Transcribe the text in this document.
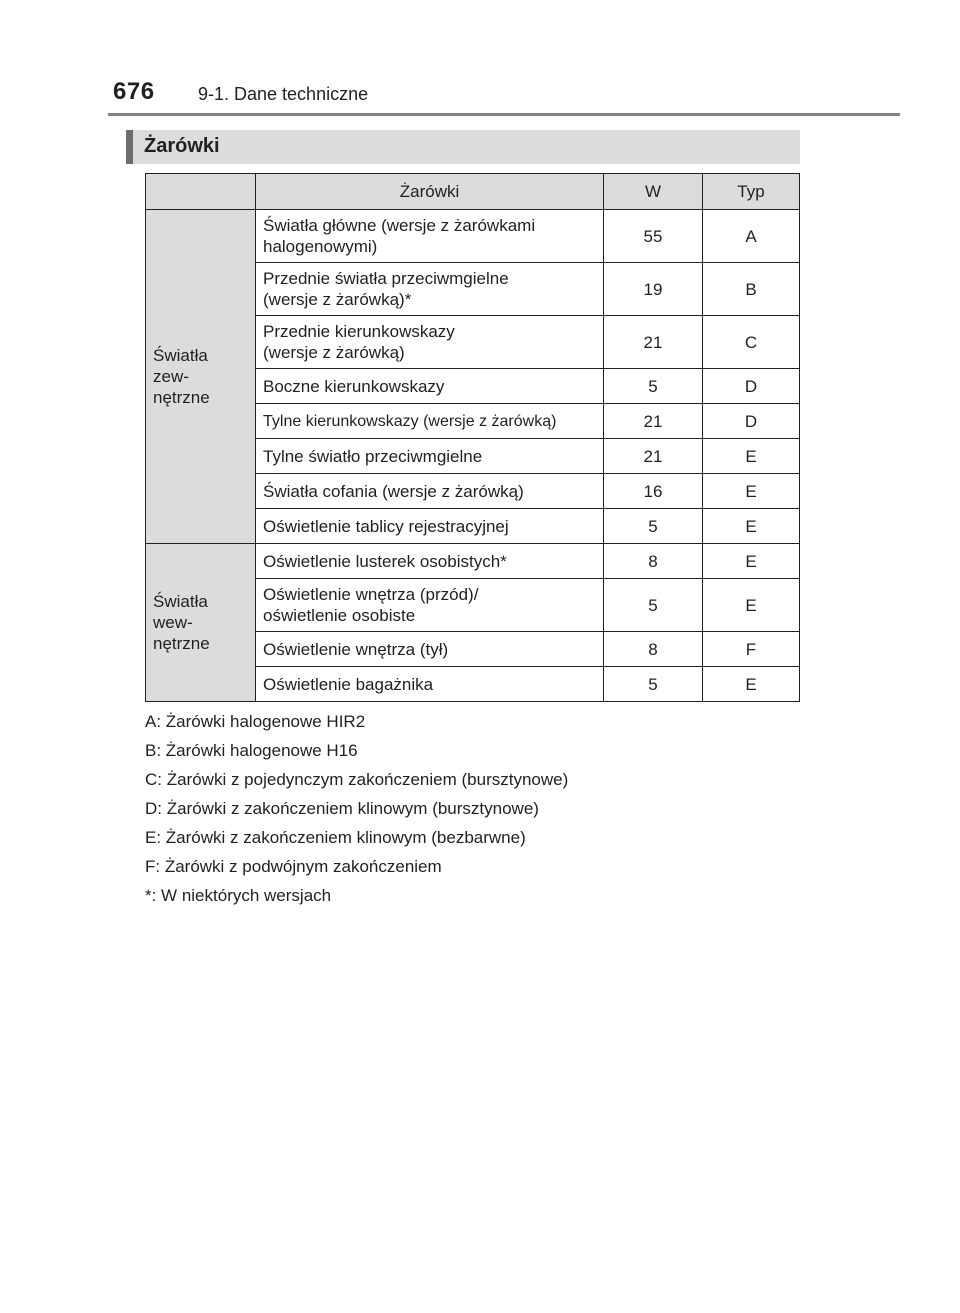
676 9-1. Dane techniczne
Żarówki
	Żarówki	W	Typ

Światła
zew-
nętrzne	Światła główne (wersje z żarówkami
halogenowymi)	55	A

	Przednie światła przeciwmgielne
(wersje z żarówką)*	19	B

	Przednie kierunkowskazy
(wersje z żarówką)	21	C
	Boczne kierunkowskazy	5	D
	Tylne kierunkowskazy (wersje z żarówką)	21	D
	Tylne światło przeciwmgielne	21	E
	Światła cofania (wersje z żarówką)	16	E
	Oświetlenie tablicy rejestracyjnej	5	E

Światła
wew-
nętrzne	Oświetlenie lusterek osobistych*	8	E

	Oświetlenie wnętrza (przód)/
oświetlenie osobiste	5	E
	Oświetlenie wnętrza (tył)	8	F
	Oświetlenie bagażnika	5	E
A: Żarówki halogenowe HIR2
B: Żarówki halogenowe H16
C: Żarówki z pojedynczym zakończeniem (bursztynowe)
D: Żarówki z zakończeniem klinowym (bursztynowe)
E: Żarówki z zakończeniem klinowym (bezbarwne)
F: Żarówki z podwójnym zakończeniem
*: W niektórych wersjach
